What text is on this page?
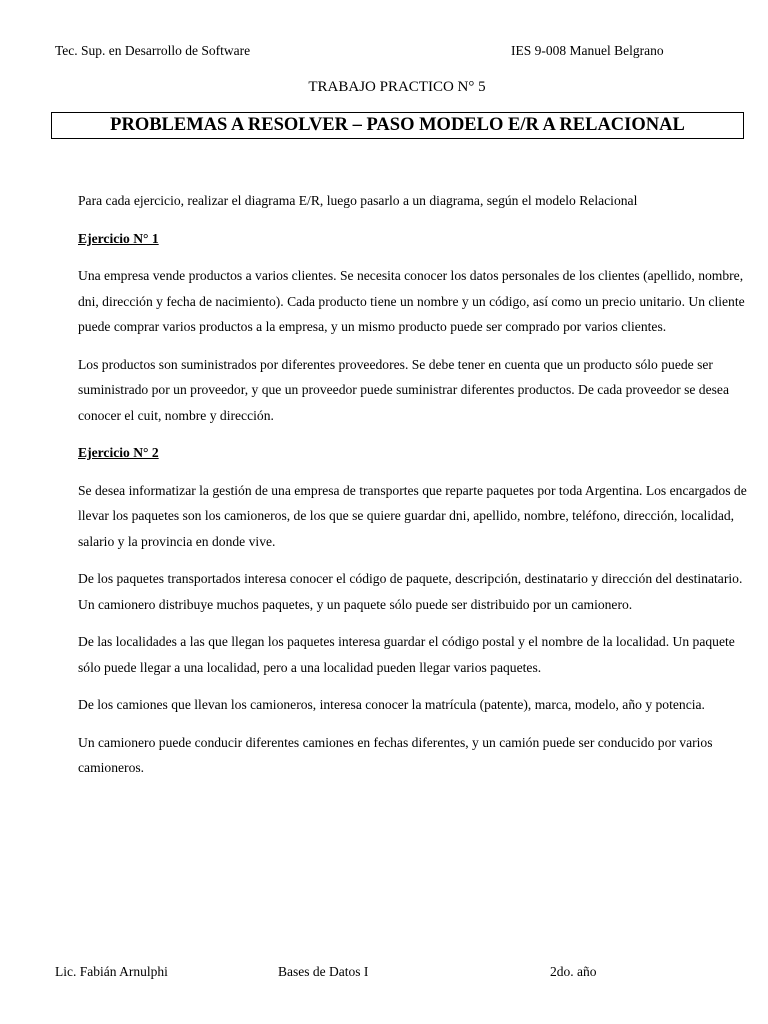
Tec. Sup. en Desarrollo de Software	IES 9-008 Manuel Belgrano
TRABAJO PRACTICO N° 5
PROBLEMAS A RESOLVER – PASO MODELO E/R A RELACIONAL

Para cada ejercicio, realizar el diagrama E/R, luego pasarlo a un diagrama, según el modelo Relacional

Ejercicio N° 1

Una empresa vende productos a varios clientes. Se necesita conocer los datos personales de los clientes (apellido, nombre, dni, dirección y fecha de nacimiento). Cada producto tiene un nombre y un código, así como un precio unitario. Un cliente puede comprar varios productos a la empresa, y un mismo producto puede ser comprado por varios clientes.

Los productos son suministrados por diferentes proveedores. Se debe tener en cuenta que un producto sólo puede ser suministrado por un proveedor, y que un proveedor puede suministrar diferentes productos. De cada proveedor se desea conocer el cuit, nombre y dirección.

Ejercicio N° 2

Se desea informatizar la gestión de una empresa de transportes que reparte paquetes por toda Argentina. Los encargados de llevar los paquetes son los camioneros, de los que se quiere guardar dni, apellido, nombre, teléfono, dirección, localidad, salario y la provincia en donde vive.

De los paquetes transportados interesa conocer el código de paquete, descripción, destinatario y dirección del destinatario. Un camionero distribuye muchos paquetes, y un paquete sólo puede ser distribuido por un camionero.

De las localidades a las que llegan los paquetes interesa guardar el código postal y el nombre de la localidad. Un paquete sólo puede llegar a una localidad, pero a una localidad pueden llegar varios paquetes.

De los camiones que llevan los camioneros, interesa conocer la matrícula (patente), marca, modelo, año y potencia.

Un camionero puede conducir diferentes camiones en fechas diferentes, y un camión puede ser conducido por varios camioneros.

Lic. Fabián Arnulphi	Bases de Datos I	2do. año
